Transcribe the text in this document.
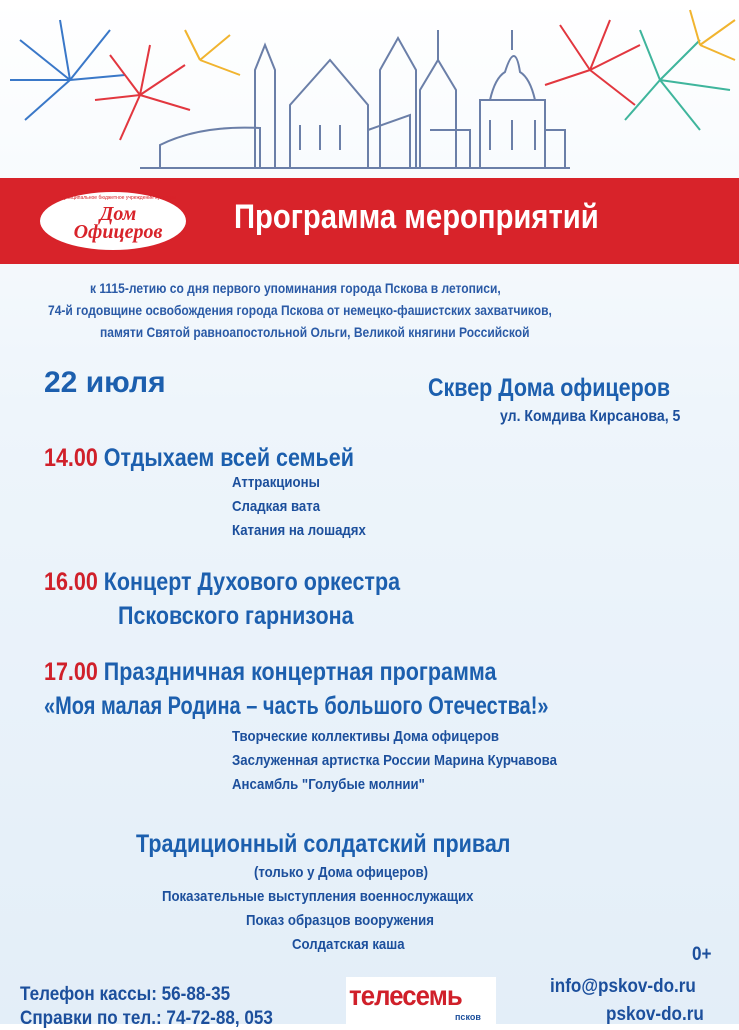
Муниципальное бюджетное учреждение культуры
Дом
Офицеров	Программа мероприятий
к 1115-летию со дня первого упоминания города Пскова в летописи,
74-й годовщине освобождения города Пскова от немецко-фашистских захватчиков,
памяти Святой равноапостольной Ольги, Великой княгини Российской
22 июля	Сквер Дома офицеров
ул. Комдива Кирсанова, 5
14.00 Отдыхаем всей семьей
Аттракционы
Сладкая вата
Катания на лошадях
16.00 Концерт Духового оркестра
Псковского гарнизона
17.00 Праздничная концертная программа
«Моя малая Родина – часть большого Отечества!»
Творческие коллективы Дома офицеров
Заслуженная артистка России Марина Курчавова
Ансамбль "Голубые молнии"
Традиционный солдатский привал
(только у Дома офицеров)
Показательные выступления военнослужащих
Показ образцов вооружения
Солдатская каша	0+
Телефон кассы: 56-88-35
Справки по тел.: 74-72-88, 053
info@pskov-do.ru
pskov-do.ru
телесемь
псков
